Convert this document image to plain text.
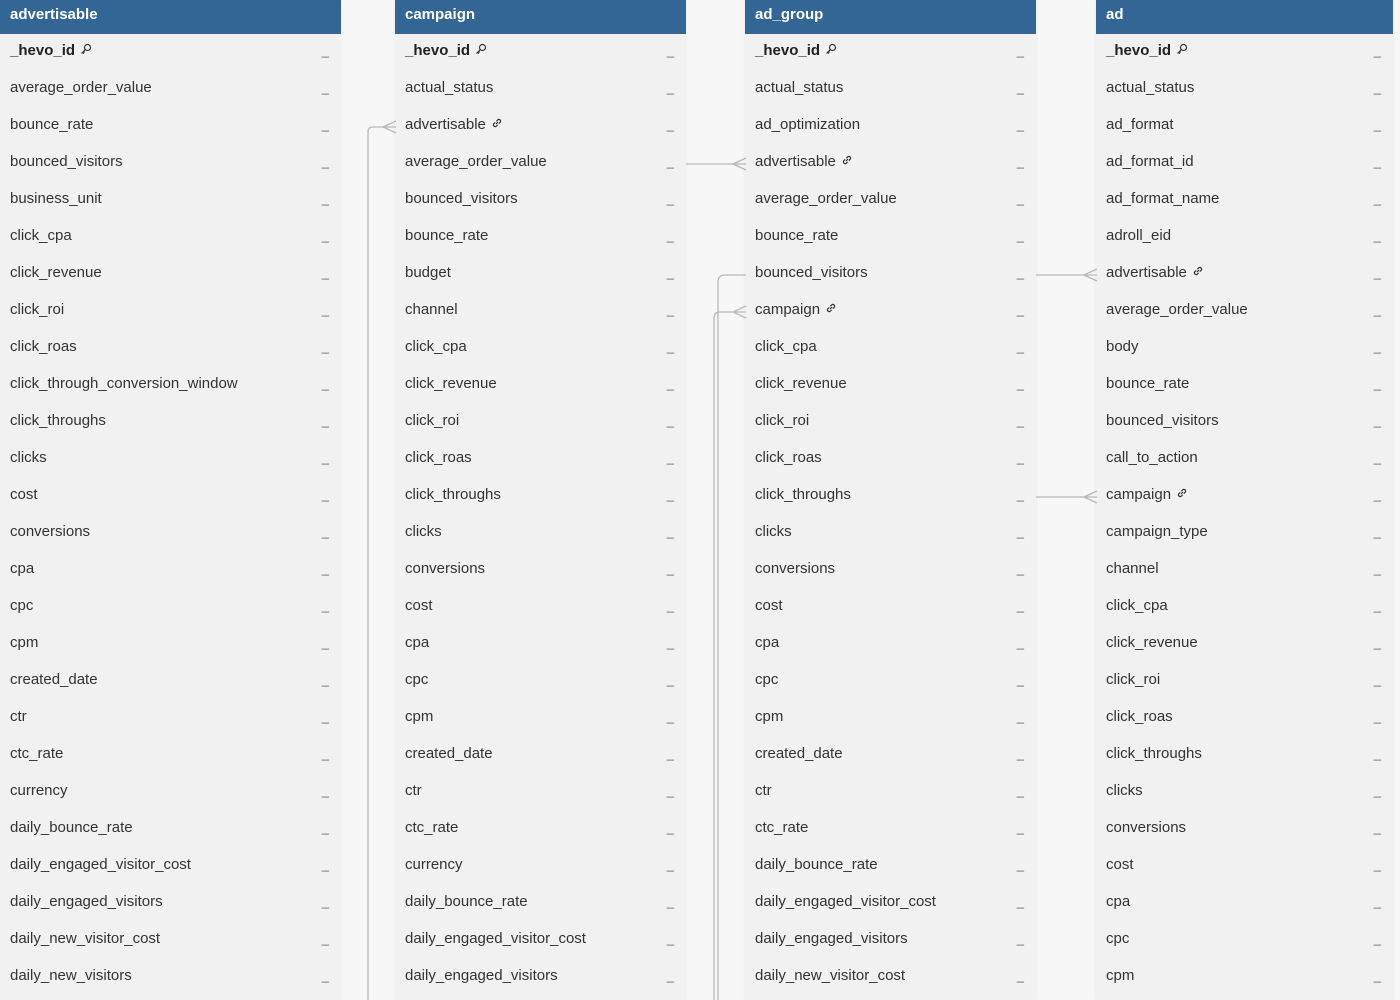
advertisable
_hevo_id	_
average_order_value	_
bounce_rate	_
bounced_visitors	_
business_unit	_
click_cpa	_
click_revenue	_
click_roi	_
click_roas	_
click_through_conversion_window	_
click_throughs	_
clicks	_
cost	_
conversions	_
cpa	_
cpc	_
cpm	_
created_date	_
ctr	_
ctc_rate	_
currency	_
daily_bounce_rate	_
daily_engaged_visitor_cost	_
daily_engaged_visitors	_
daily_new_visitor_cost	_
daily_new_visitors	_
campaign
_hevo_id	_
actual_status	_
advertisable	_
average_order_value	_
bounced_visitors	_
bounce_rate	_
budget	_
channel	_
click_cpa	_
click_revenue	_
click_roi	_
click_roas	_
click_throughs	_
clicks	_
conversions	_
cost	_
cpa	_
cpc	_
cpm	_
created_date	_
ctr	_
ctc_rate	_
currency	_
daily_bounce_rate	_
daily_engaged_visitor_cost	_
daily_engaged_visitors	_
ad_group
_hevo_id	_
actual_status	_
ad_optimization	_
advertisable	_
average_order_value	_
bounce_rate	_
bounced_visitors	_
campaign	_
click_cpa	_
click_revenue	_
click_roi	_
click_roas	_
click_throughs	_
clicks	_
conversions	_
cost	_
cpa	_
cpc	_
cpm	_
created_date	_
ctr	_
ctc_rate	_
daily_bounce_rate	_
daily_engaged_visitor_cost	_
daily_engaged_visitors	_
daily_new_visitor_cost	_
ad
_hevo_id	_
actual_status	_
ad_format	_
ad_format_id	_
ad_format_name	_
adroll_eid	_
advertisable	_
average_order_value	_
body	_
bounce_rate	_
bounced_visitors	_
call_to_action	_
campaign	_
campaign_type	_
channel	_
click_cpa	_
click_revenue	_
click_roi	_
click_roas	_
click_throughs	_
clicks	_
conversions	_
cost	_
cpa	_
cpc	_
cpm	_
